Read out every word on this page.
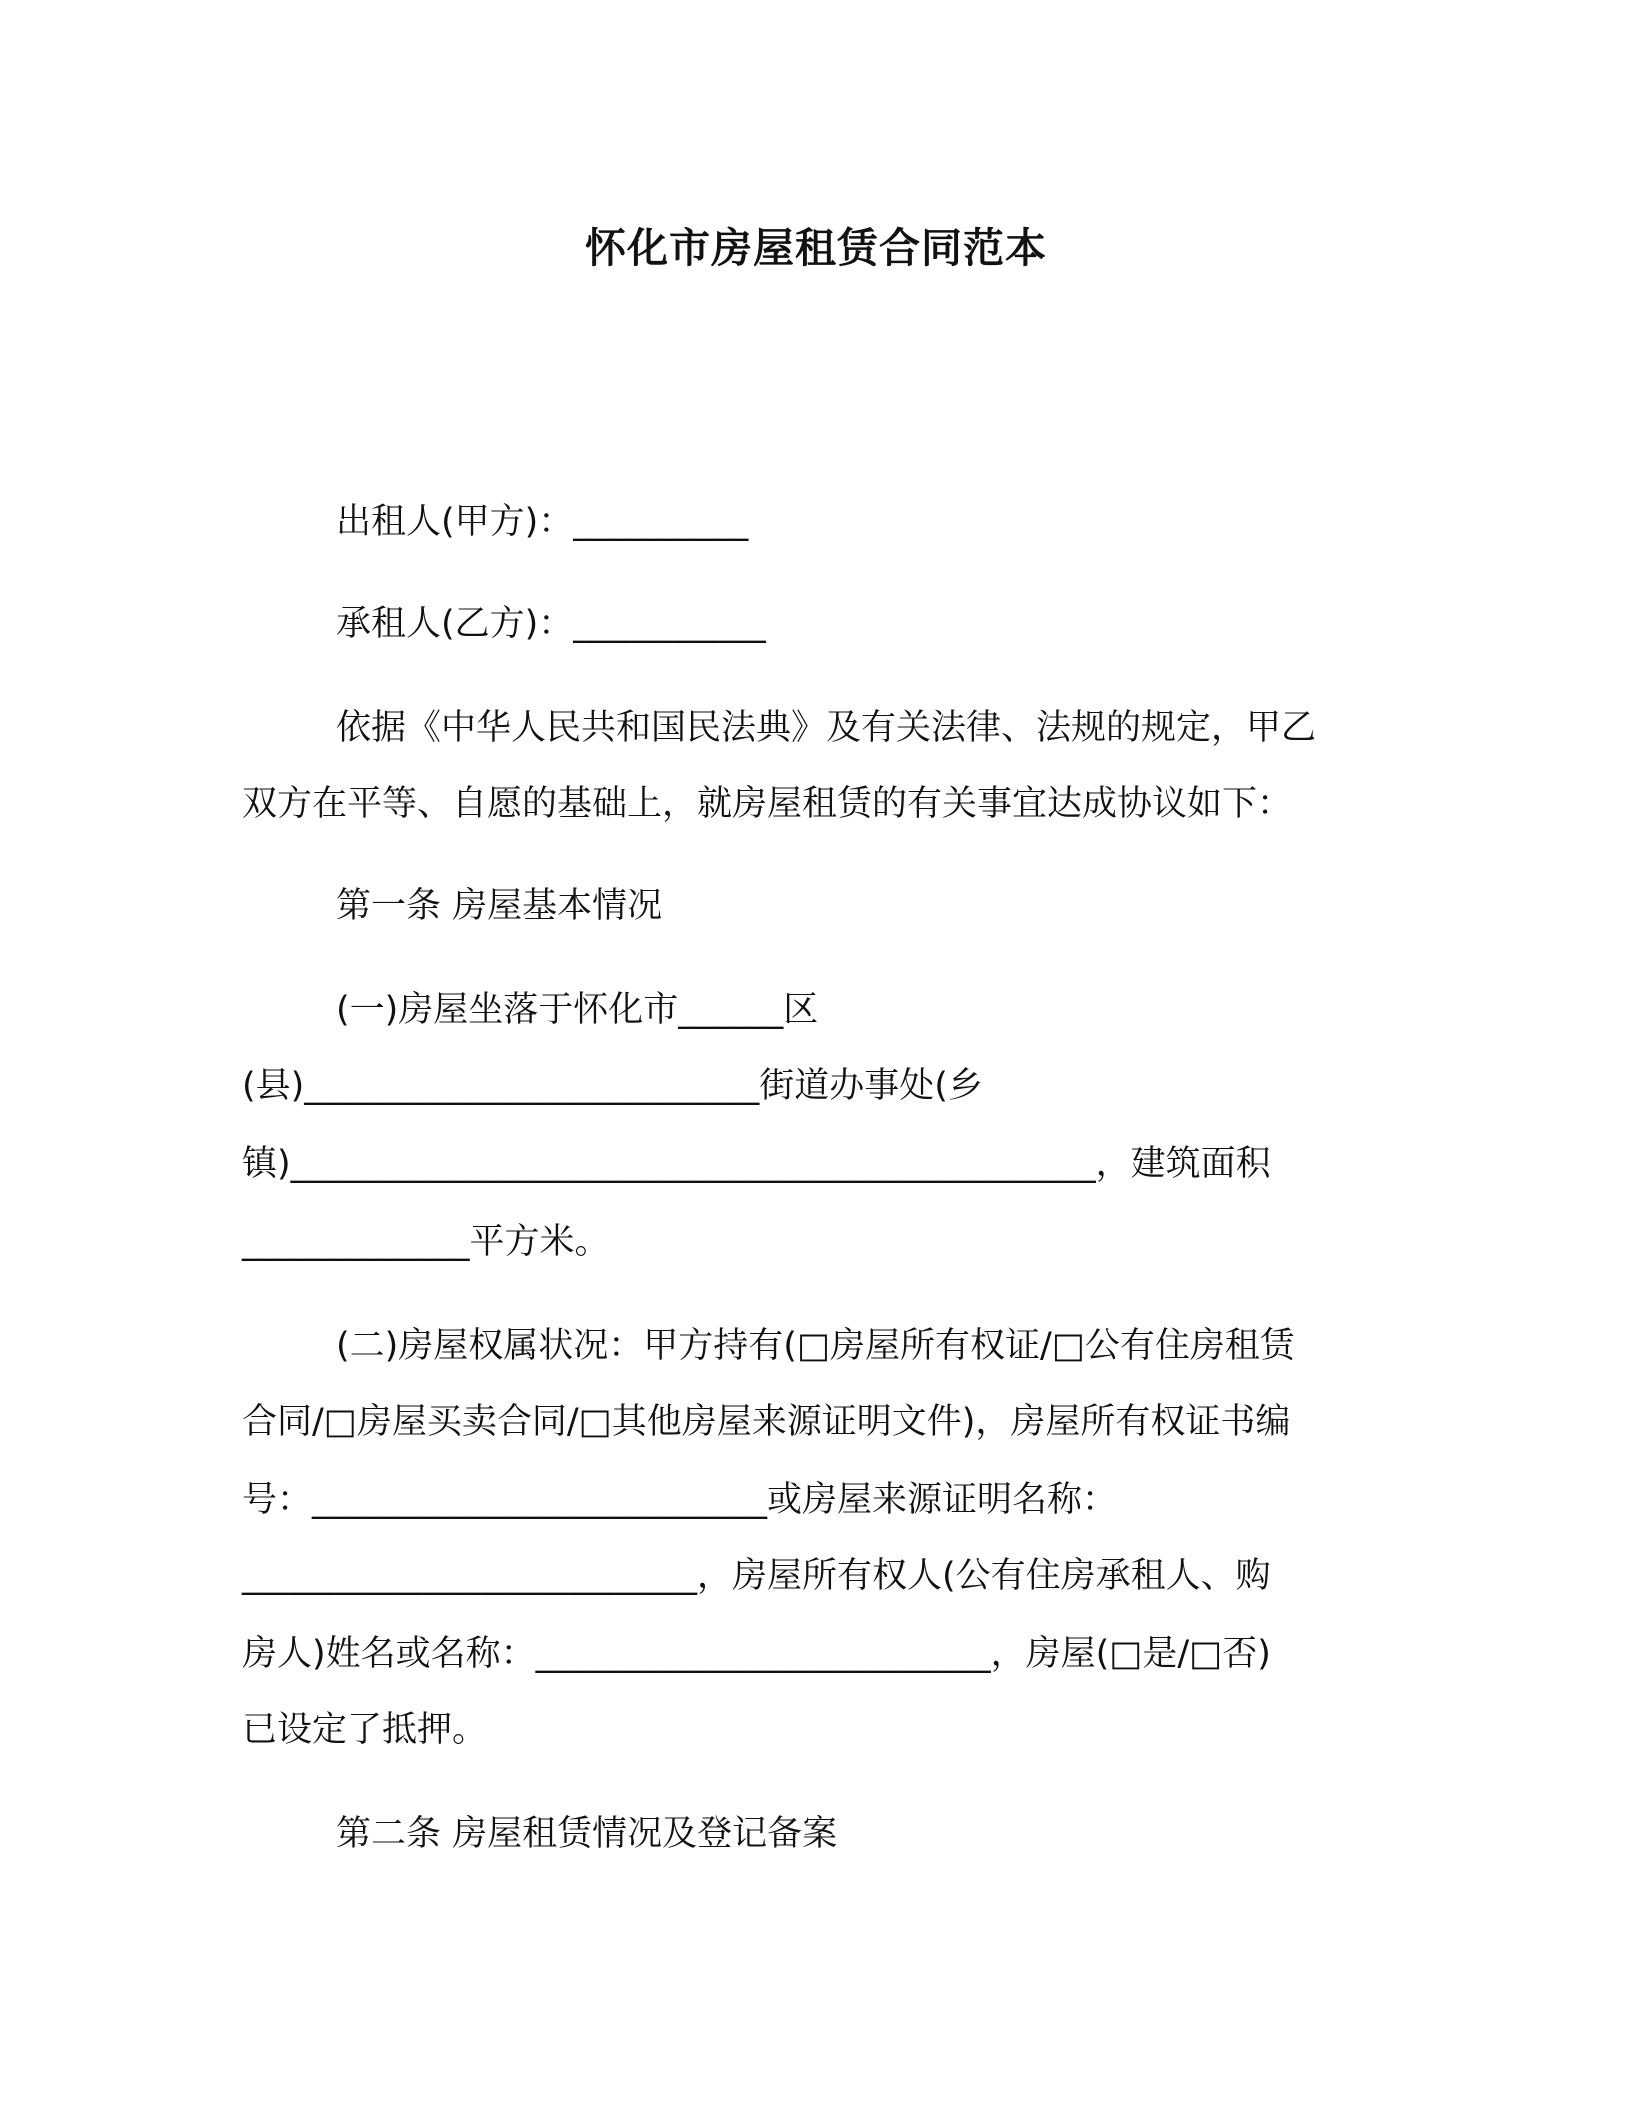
怀化市房屋租赁合同范本
出租人(甲方)：__________
承租人(乙方)：___________
依据《中华人民共和国民法典》及有关法律、法规的规定，甲乙
双方在平等、自愿的基础上，就房屋租赁的有关事宜达成协议如下：
第一条 房屋基本情况
(一)房屋坐落于怀化市______区
(县)__________________________街道办事处(乡
镇)______________________________________________，建筑面积
_____________平方米。
(二)房屋权属状况：甲方持有(□房屋所有权证/□公有住房租赁
合同/□房屋买卖合同/□其他房屋来源证明文件)，房屋所有权证书编
号：__________________________或房屋来源证明名称：
__________________________，房屋所有权人(公有住房承租人、购
房人)姓名或名称：__________________________，房屋(□是/□否)
已设定了抵押。
第二条 房屋租赁情况及登记备案
